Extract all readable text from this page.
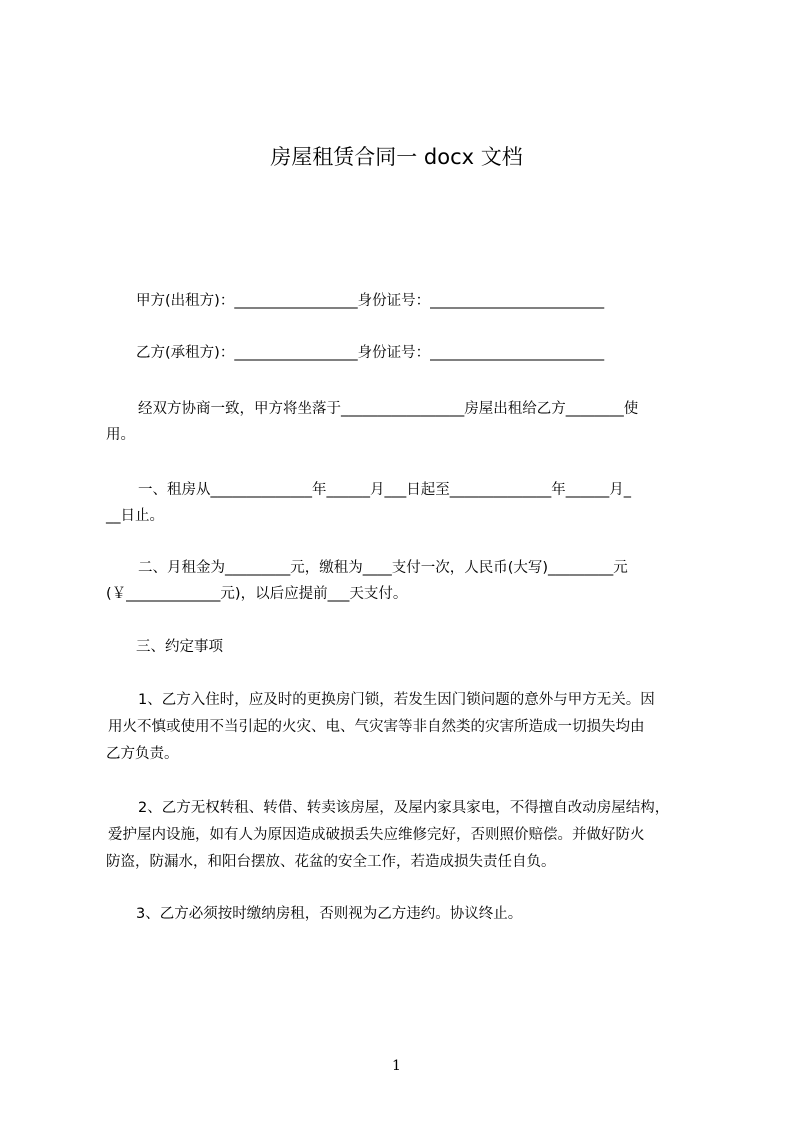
房屋租赁合同一 docx 文档
甲方(出租方)：_________________身份证号：________________________
乙方(承租方)：_________________身份证号：________________________
经双方协商一致，甲方将坐落于_________________房屋出租给乙方________使
用。
一、租房从______________年______月___日起至______________年______月_
__日止。
二、月租金为_________元，缴租为____支付一次，人民币(大写)_________元
(￥_____________元)，以后应提前___天支付。
三、约定事项
1、乙方入住时，应及时的更换房门锁，若发生因门锁问题的意外与甲方无关。因
用火不慎或使用不当引起的火灾、电、气灾害等非自然类的灾害所造成一切损失均由
乙方负责。
2、乙方无权转租、转借、转卖该房屋，及屋内家具家电，不得擅自改动房屋结构，
爱护屋内设施，如有人为原因造成破损丢失应维修完好，否则照价赔偿。并做好防火
防盗，防漏水，和阳台摆放、花盆的安全工作，若造成损失责任自负。
3、乙方必须按时缴纳房租，否则视为乙方违约。协议终止。
1
